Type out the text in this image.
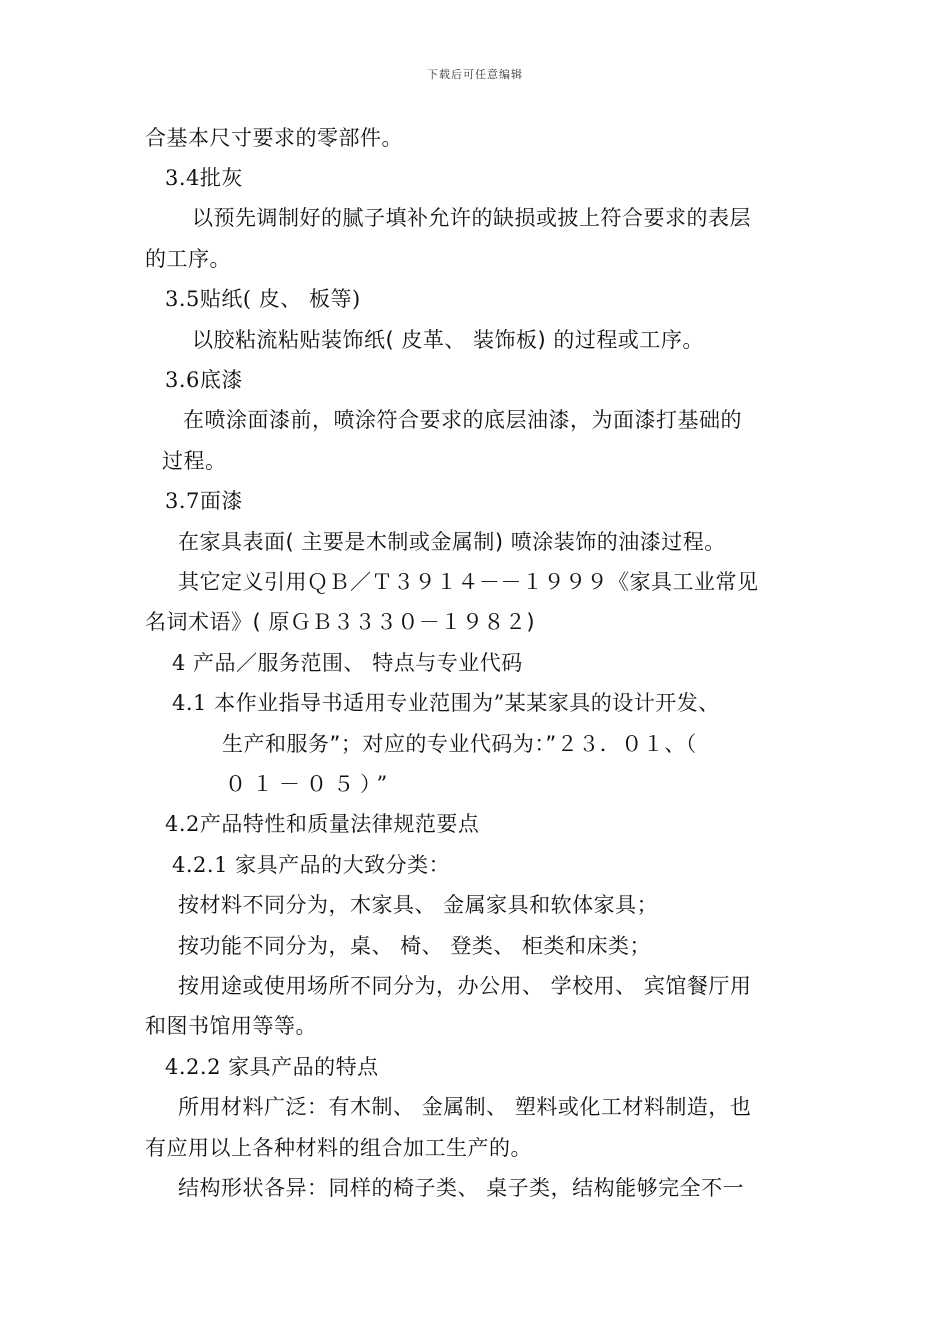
下载后可任意编辑
合基本尺寸要求的零部件。
3.4批灰
以预先调制好的腻子填补允许的缺损或披上符合要求的表层
的工序。
3.5贴纸( 皮、 板等)
以胶粘流粘贴装饰纸( 皮革、 装饰板) 的过程或工序。
3.6底漆
在喷涂面漆前，喷涂符合要求的底层油漆，为面漆打基础的
过程。
3.7面漆
在家具表面( 主要是木制或金属制) 喷涂装饰的油漆过程。
其它定义引用ＱＢ／Ｔ３９１４－－１９９９《家具工业常见
名词术语》( 原ＧＢ３３３０－１９８２)
4 产品／服务范围、 特点与专业代码
4.1 本作业指导书适用专业范围为”某某家具的设计开发、
生产和服务”；对应的专业代码为：”２３．０１、（
０１－０５）”
4.2产品特性和质量法律规范要点
4.2.1 家具产品的大致分类：
按材料不同分为，木家具、 金属家具和软体家具；
按功能不同分为，桌、 椅、 登类、 柜类和床类；
按用途或使用场所不同分为，办公用、 学校用、 宾馆餐厅用
和图书馆用等等。
4.2.2 家具产品的特点
所用材料广泛：有木制、 金属制、 塑料或化工材料制造，也
有应用以上各种材料的组合加工生产的。
结构形状各异：同样的椅子类、 桌子类，结构能够完全不一
